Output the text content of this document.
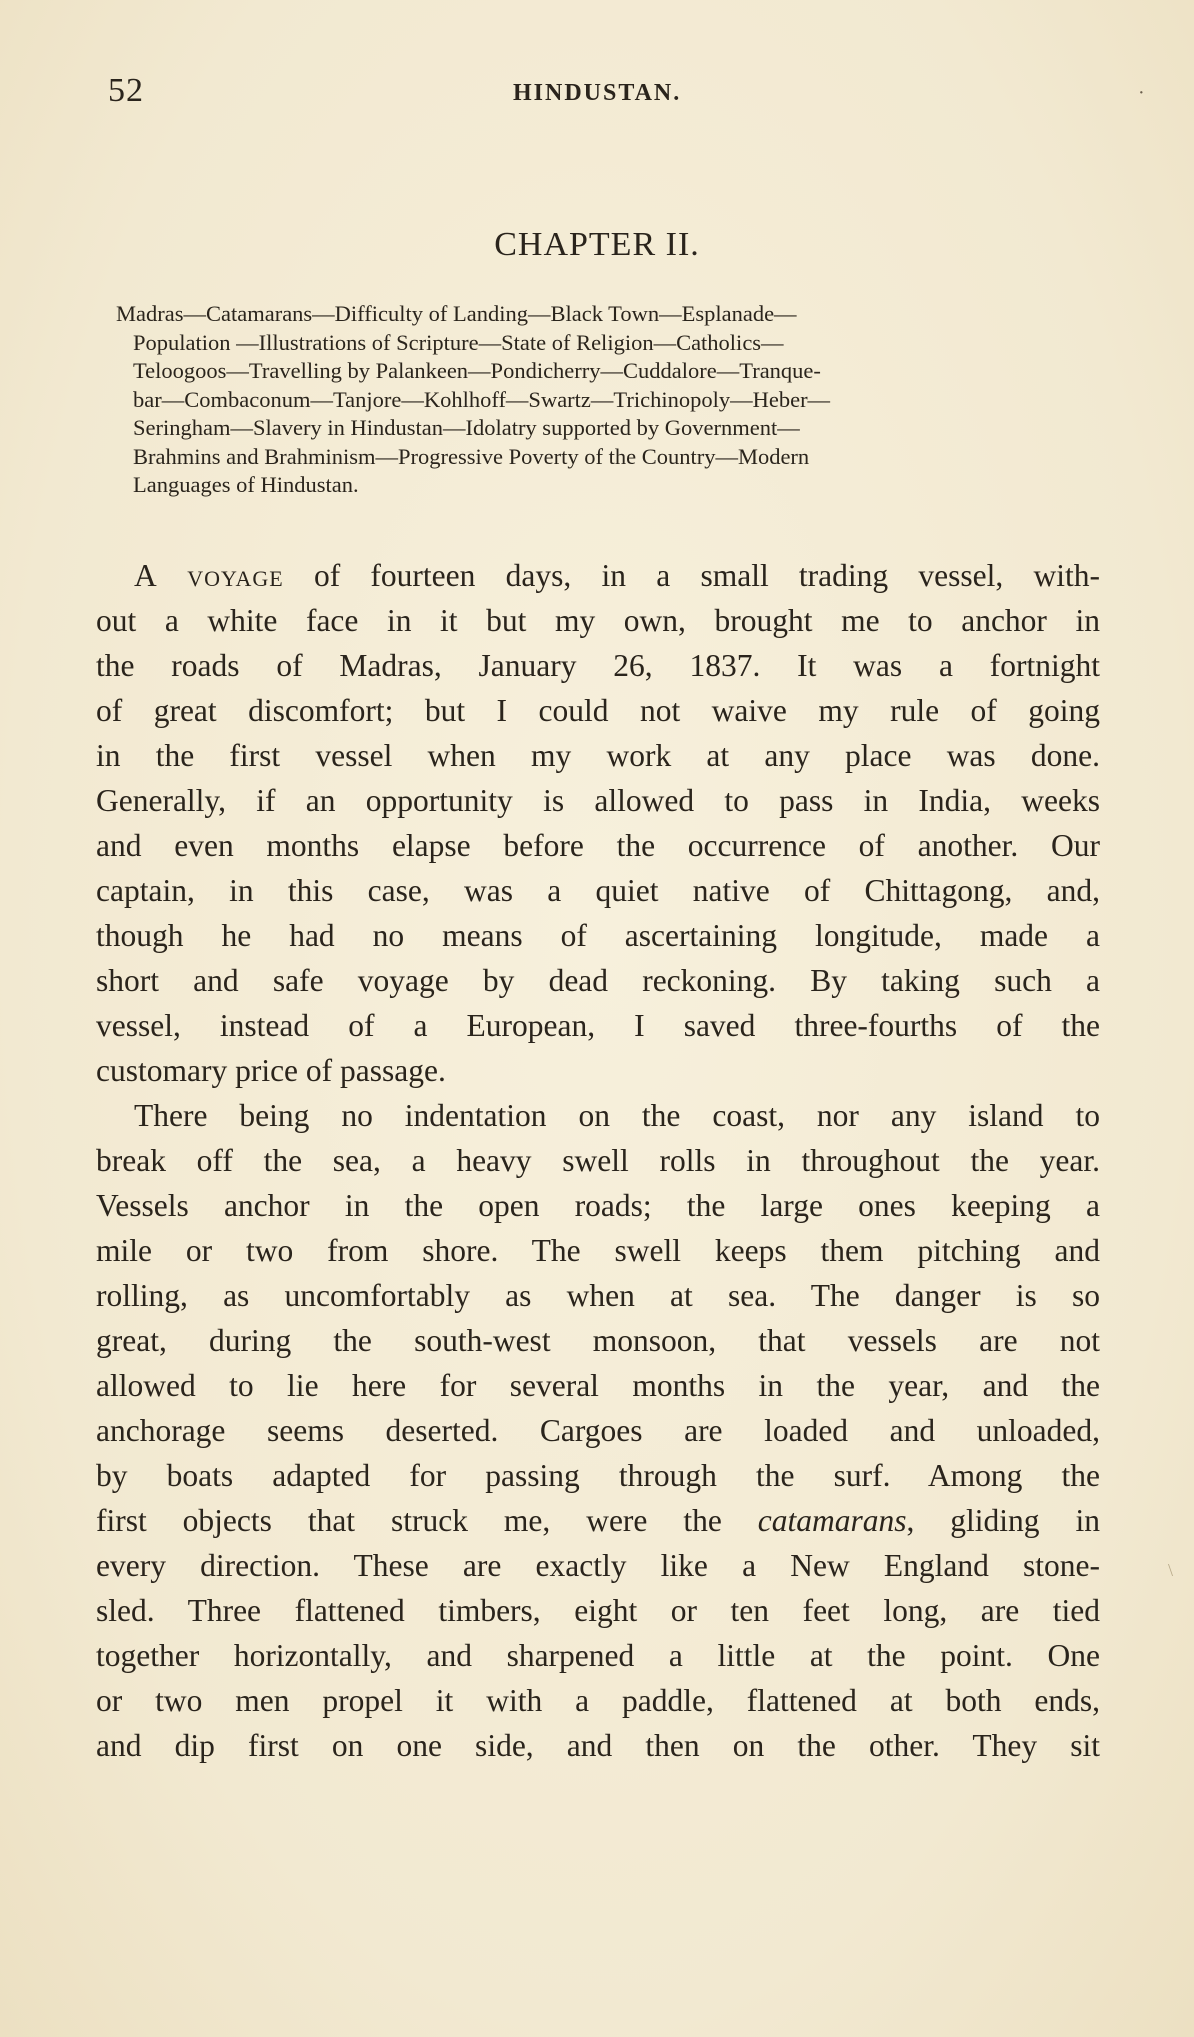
52	HINDUSTAN.	·
CHAPTER II.
Madras—Catamarans—Difficulty of Landing—Black Town—Esplanade—
Population —Illustrations of Scripture—State of Religion—Catholics—
Teloogoos—Travelling by Palankeen—Pondicherry—Cuddalore—Tranque-
bar—Combaconum—Tanjore—Kohlhoff—Swartz—Trichinopoly—Heber—
Seringham—Slavery in Hindustan—Idolatry supported by Government—
Brahmins and Brahminism—Progressive Poverty of the Country—Modern
Languages of Hindustan.
A voyage of fourteen days, in a small trading vessel, with-
out a white face in it but my own, brought me to anchor in
the roads of Madras, January 26, 1837. It was a fortnight
of great discomfort; but I could not waive my rule of going
in the first vessel when my work at any place was done.
Generally, if an opportunity is allowed to pass in India, weeks
and even months elapse before the occurrence of another. Our
captain, in this case, was a quiet native of Chittagong, and,
though he had no means of ascertaining longitude, made a
short and safe voyage by dead reckoning. By taking such a
vessel, instead of a European, I saved three-fourths of the
customary price of passage.
There being no indentation on the coast, nor any island to
break off the sea, a heavy swell rolls in throughout the year.
Vessels anchor in the open roads; the large ones keeping a
mile or two from shore. The swell keeps them pitching and
rolling, as uncomfortably as when at sea. The danger is so
great, during the south-west monsoon, that vessels are not
allowed to lie here for several months in the year, and the
anchorage seems deserted. Cargoes are loaded and unloaded,
by boats adapted for passing through the surf. Among the
first objects that struck me, were the catamarans, gliding in
every direction. These are exactly like a New England stone-
sled. Three flattened timbers, eight or ten feet long, are tied
together horizontally, and sharpened a little at the point. One
or two men propel it with a paddle, flattened at both ends,
and dip first on one side, and then on the other. They sit
\
